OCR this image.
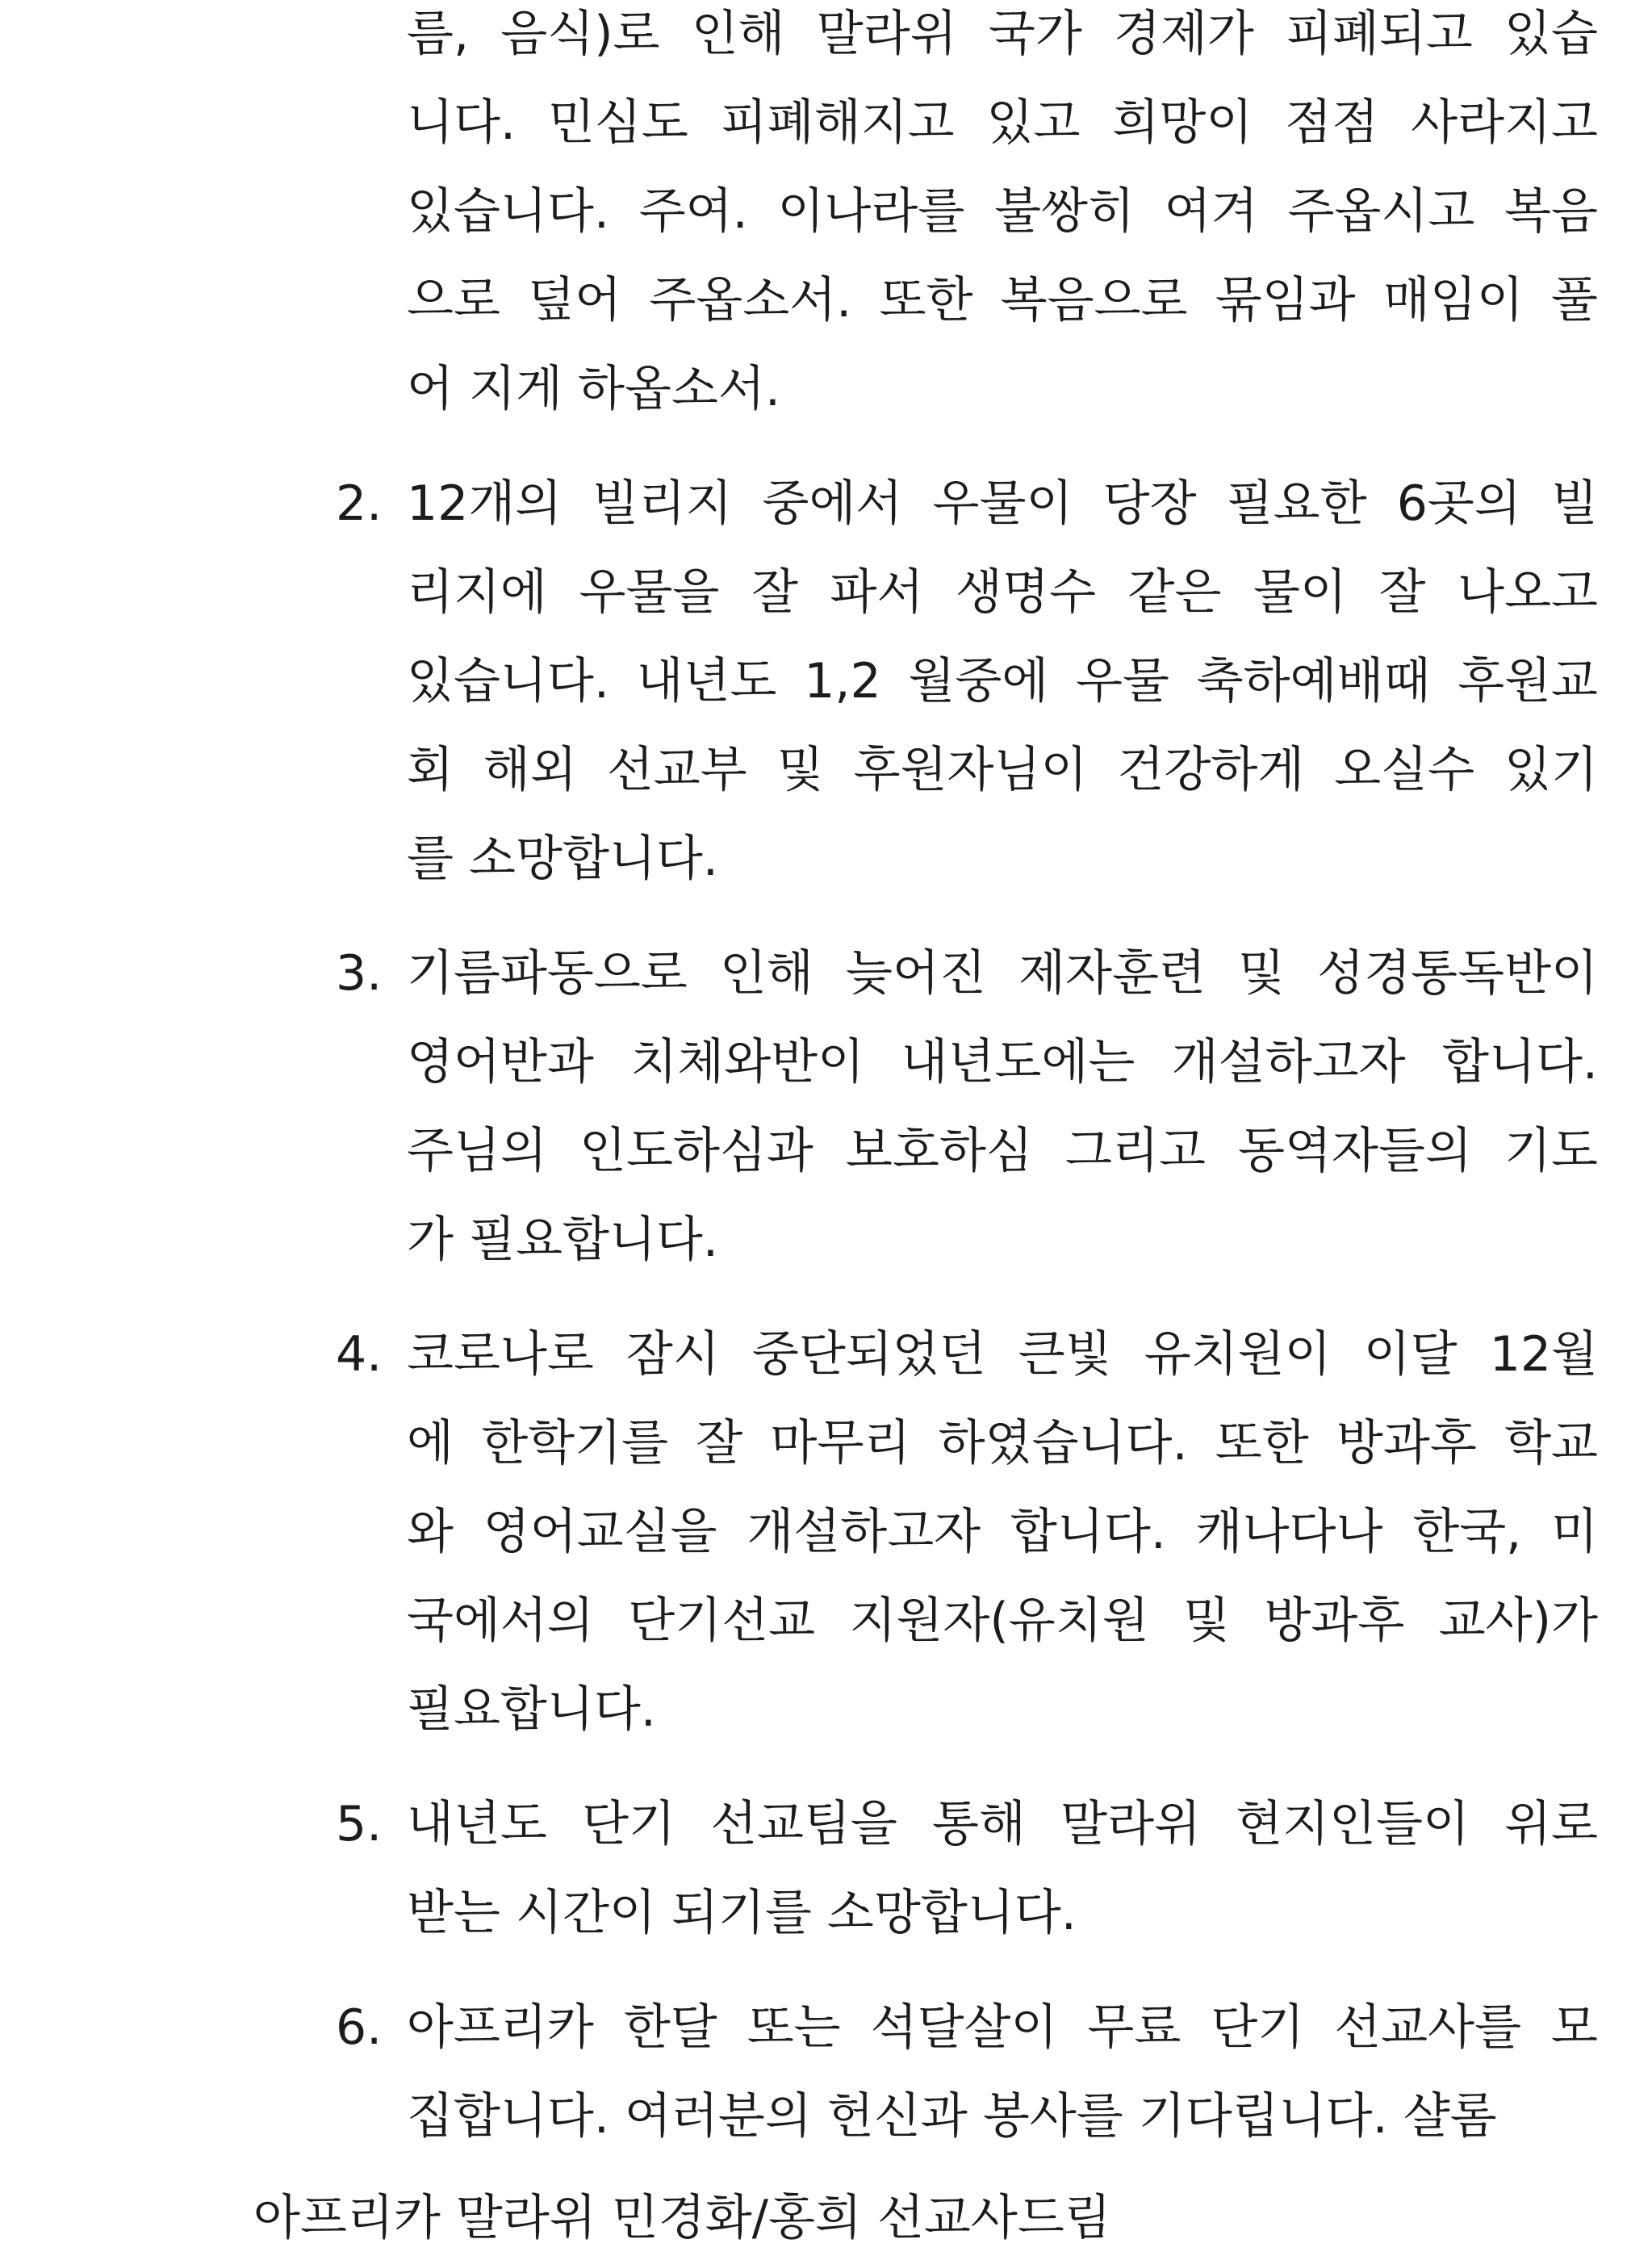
름, 음식)로 인해 말라위 국가 경제가 피폐되고 있습
니다. 민심도 피폐해지고 있고 희망이 점점 사라지고
있습니다. 주여. 이나라를 불쌍히 여겨 주옵시고 복음
으로 덮어 주옵소서. 또한 복음으로 묶임과 매임이 풀
어 지게 하옵소서.
2. 12개의 빌리지 중에서 우물이 당장 필요한 6곳의 빌
리지에 우물을 잘 파서 생명수 같은 물이 잘 나오고
있습니다. 내년도 1,2 월중에 우물 축하예배때 후원교
회 해외 선교부 및 후원자님이 건강하게 오실수 있기
를 소망합니다.
3. 기름파동으로 인해 늦어진 제자훈련 및 성경통독반이
영어반과 치체와반이 내년도에는 개설하고자 합니다.
주님의 인도하심과 보호하심 그리고 동역자들의 기도
가 필요합니다.
4. 코로나로 잠시 중단되었던 큰빛 유치원이 이달 12월
에 한학기를 잘 마무리 하였습니다. 또한 방과후 학교
와 영어교실을 개설하고자 합니다. 캐나다나 한국, 미
국에서의 단기선교 지원자(유치원 및 방과후 교사)가
필요합니다.
5. 내년도 단기 선교팀을 통해 말라위 현지인들이 위로
받는 시간이 되기를 소망합니다.
6. 아프리카 한달 또는 석달살이 무료 단기 선교사를 모
집합니다. 여러분의 헌신과 봉사를 기다립니다. 샬롬
아프리카 말라위 민경화/홍희 선교사드림
